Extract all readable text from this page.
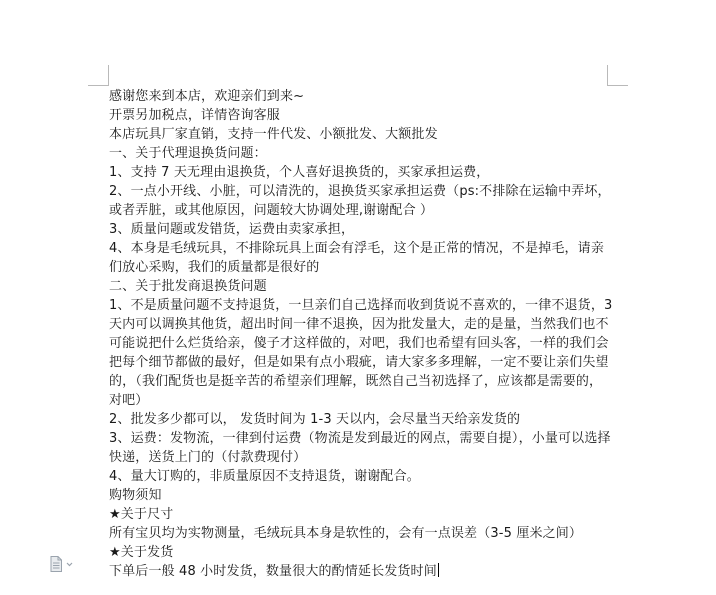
感谢您来到本店，欢迎亲们到来~
开票另加税点，详情咨询客服
本店玩具厂家直销，支持一件代发、小额批发、大额批发
一、关于代理退换货问题：
1、支持 7 天无理由退换货，个人喜好退换货的，买家承担运费，
2、一点小开线、小脏，可以清洗的，退换货买家承担运费（ps:不排除在运输中弄坏，或者弄脏，或其他原因，问题较大协调处理,谢谢配合 ）
3、质量问题或发错货，运费由卖家承担，
4、本身是毛绒玩具，不排除玩具上面会有浮毛，这个是正常的情况，不是掉毛，请亲们放心采购，我们的质量都是很好的
二、关于批发商退换货问题
1、不是质量问题不支持退货，一旦亲们自己选择而收到货说不喜欢的，一律不退货，3 天内可以调换其他货，超出时间一律不退换，因为批发量大，走的是量，当然我们也不可能说把什么烂货给亲，傻子才这样做的，对吧，我们也希望有回头客，一样的我们会把每个细节都做的最好，但是如果有点小瑕疵，请大家多多理解，一定不要让亲们失望的，（我们配货也是挺辛苦的希望亲们理解，既然自己当初选择了，应该都是需要的，对吧）
2、批发多少都可以， 发货时间为 1-3 天以内，会尽量当天给亲发货的
3、运费：发物流，一律到付运费（物流是发到最近的网点，需要自提），小量可以选择快递，送货上门的（付款费现付）
4、量大订购的，非质量原因不支持退货，谢谢配合。
购物须知
★关于尺寸
所有宝贝均为实物测量，毛绒玩具本身是软性的，会有一点误差（3-5 厘米之间）
★关于发货
下单后一般 48 小时发货，数量很大的酌情延长发货时间
